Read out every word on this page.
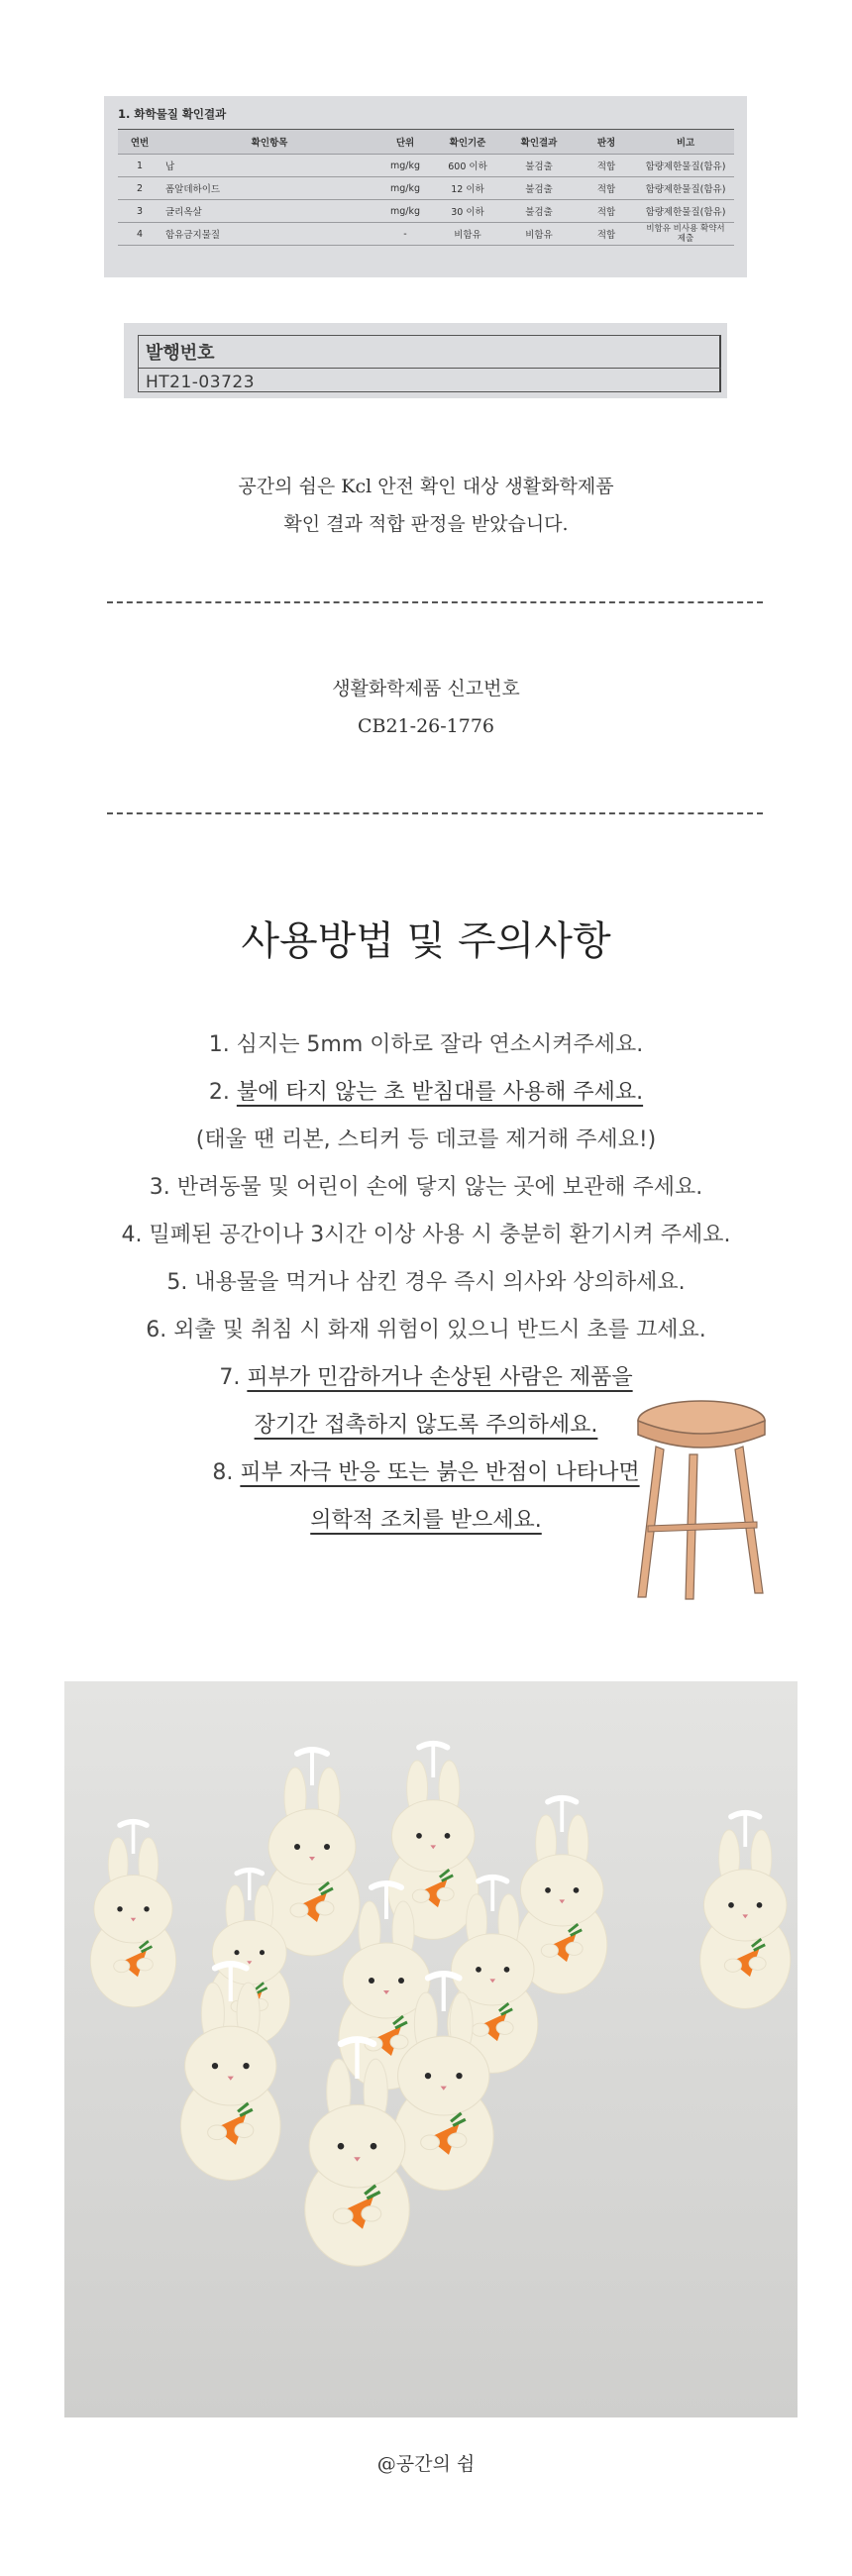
1. 화학물질 확인결과
연번	확인항목	단위	확인기준	확인결과	판정	비고
1	납	mg/kg	600 이하	불검출	적합	함량제한물질(함유)
2	폼알데하이드	mg/kg	12 이하	불검출	적합	함량제한물질(함유)
3	글리옥살	mg/kg	30 이하	불검출	적합	함량제한물질(함유)
4	함유금지물질	-	비함유	비함유	적합	비함유 비사용 확약서 제출
발행번호
HT21-03723
공간의 쉼은 Kcl 안전 확인 대상 생활화학제품
확인 결과 적합 판정을 받았습니다.
생활화학제품 신고번호
CB21-26-1776
사용방법 및 주의사항
1. 심지는 5mm 이하로 잘라 연소시켜주세요.
2. 불에 타지 않는 초 받침대를 사용해 주세요.
(태울 땐 리본, 스티커 등 데코를 제거해 주세요!)
3. 반려동물 및 어린이 손에 닿지 않는 곳에 보관해 주세요.
4. 밀폐된 공간이나 3시간 이상 사용 시 충분히 환기시켜 주세요.
5. 내용물을 먹거나 삼킨 경우 즉시 의사와 상의하세요.
6. 외출 및 취침 시 화재 위험이 있으니 반드시 초를 끄세요.
7. 피부가 민감하거나 손상된 사람은 제품을
장기간 접촉하지 않도록 주의하세요.
8. 피부 자극 반응 또는 붉은 반점이 나타나면
의학적 조치를 받으세요.
@공간의 쉼
